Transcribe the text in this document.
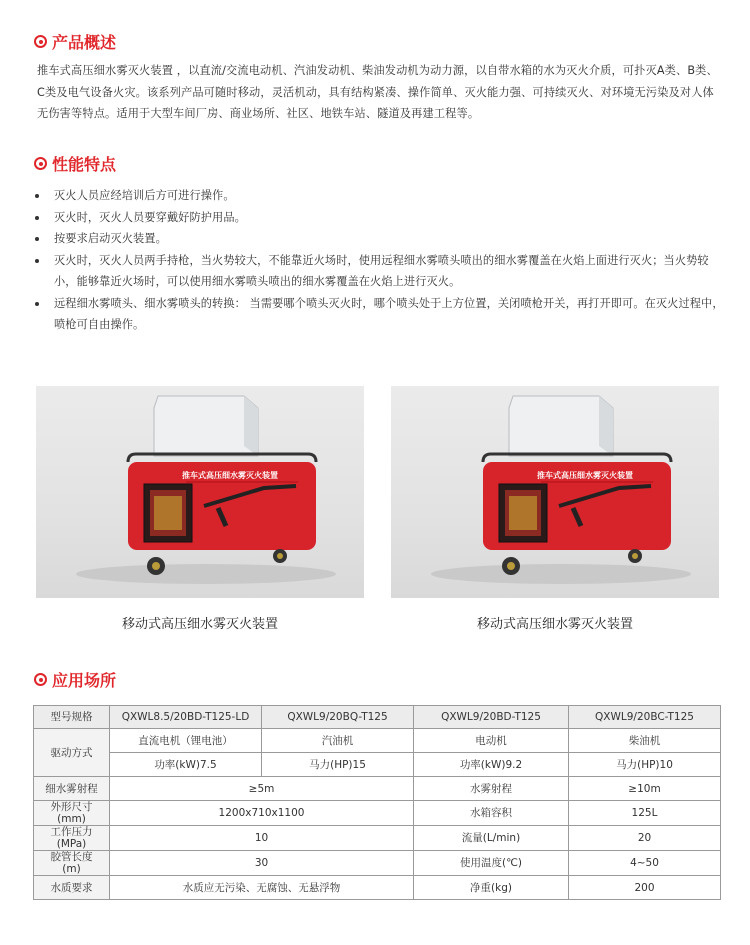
产品概述
推车式高压细水雾灭火装置 ，以直流/交流电动机、汽油发动机、柴油发动机为动力源，以自带水箱的水为灭火介质，可扑灭A类、B类、C类及电气设备火灾。该系列产品可随时移动，灵活机动，具有结构紧凑、操作简单、灭火能力强、可持续灭火、对环境无污染及对人体无伤害等特点。适用于大型车间厂房、商业场所、社区、地铁车站、隧道及再建工程等。
性能特点
灭火人员应经培训后方可进行操作。
灭火时，灭火人员要穿戴好防护用品。
按要求启动灭火装置。
灭火时，灭火人员两手持枪，当火势较大，不能靠近火场时，使用远程细水雾喷头喷出的细水雾覆盖在火焰上面进行灭火；当火势较小，能够靠近火场时，可以使用细水雾喷头喷出的细水雾覆盖在火焰上进行灭火。
远程细水雾喷头、细水雾喷头的转换： 当需要哪个喷头灭火时，哪个喷头处于上方位置，关闭喷枪开关，再打开即可。在灭火过程中，喷枪可自由操作。
推车式高压细水雾灭火装置	推车式高压细水雾灭火装置
移动式高压细水雾灭火装置	移动式高压细水雾灭火装置
应用场所
型号规格	QXWL8.5/20BD-T125-LD	QXWL9/20BQ-T125	QXWL9/20BD-T125	QXWL9/20BC-T125
驱动方式	直流电机（锂电池）	汽油机	电动机	柴油机
	功率(kW)7.5	马力(HP)15	功率(kW)9.2	马力(HP)10
细水雾射程	≥5m		水雾射程	≥10m
外形尺寸
(mm)	1200x710x1100		水箱容积	125L
工作压力
(MPa)	10		流量(L/min)	20
胶管长度
(m)	30		使用温度(℃)	4~50
水质要求	水质应无污染、无腐蚀、无悬浮物		净重(kg)	200
